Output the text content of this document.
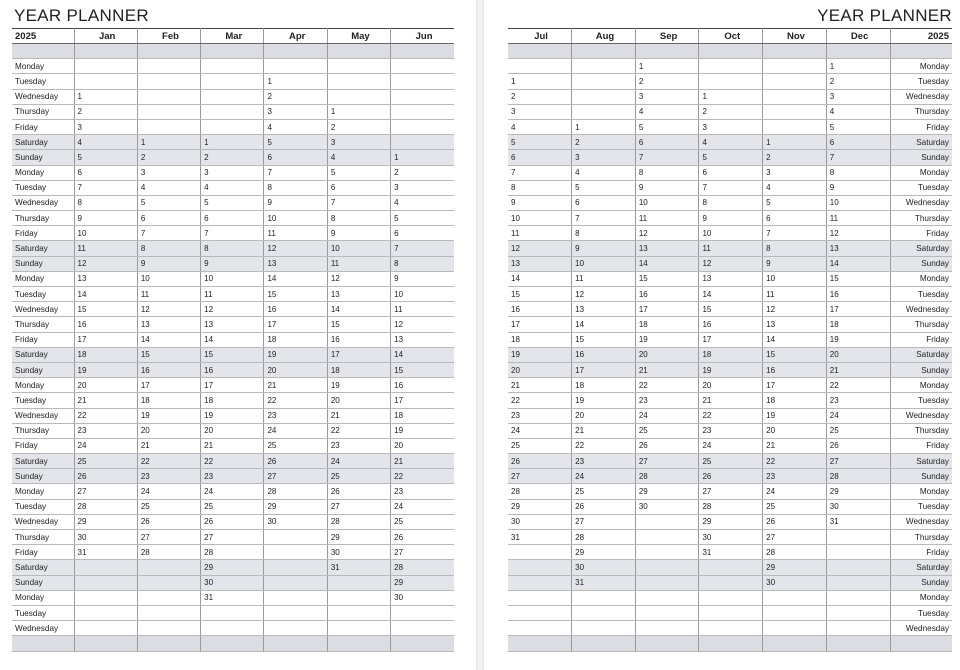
YEAR PLANNER
2025	Jan	Feb	Mar	Apr	May	Jun

Monday						
Tuesday				1		
Wednesday	1			2		
Thursday	2			3	1	
Friday	3			4	2	
Saturday	4	1	1	5	3	
Sunday	5	2	2	6	4	1
Monday	6	3	3	7	5	2
Tuesday	7	4	4	8	6	3
Wednesday	8	5	5	9	7	4
Thursday	9	6	6	10	8	5
Friday	10	7	7	11	9	6
Saturday	11	8	8	12	10	7
Sunday	12	9	9	13	11	8
Monday	13	10	10	14	12	9
Tuesday	14	11	11	15	13	10
Wednesday	15	12	12	16	14	11
Thursday	16	13	13	17	15	12
Friday	17	14	14	18	16	13
Saturday	18	15	15	19	17	14
Sunday	19	16	16	20	18	15
Monday	20	17	17	21	19	16
Tuesday	21	18	18	22	20	17
Wednesday	22	19	19	23	21	18
Thursday	23	20	20	24	22	19
Friday	24	21	21	25	23	20
Saturday	25	22	22	26	24	21
Sunday	26	23	23	27	25	22
Monday	27	24	24	28	26	23
Tuesday	28	25	25	29	27	24
Wednesday	29	26	26	30	28	25
Thursday	30	27	27		29	26
Friday	31	28	28		30	27
Saturday			29		31	28
Sunday			30			29
Monday			31			30
Tuesday						
Wednesday						

YEAR PLANNER
Jul	Aug	Sep	Oct	Nov	Dec	2025

		1			1	Monday
1		2			2	Tuesday
2		3	1		3	Wednesday
3		4	2		4	Thursday
4	1	5	3		5	Friday
5	2	6	4	1	6	Saturday
6	3	7	5	2	7	Sunday
7	4	8	6	3	8	Monday
8	5	9	7	4	9	Tuesday
9	6	10	8	5	10	Wednesday
10	7	11	9	6	11	Thursday
11	8	12	10	7	12	Friday
12	9	13	11	8	13	Saturday
13	10	14	12	9	14	Sunday
14	11	15	13	10	15	Monday
15	12	16	14	11	16	Tuesday
16	13	17	15	12	17	Wednesday
17	14	18	16	13	18	Thursday
18	15	19	17	14	19	Friday
19	16	20	18	15	20	Saturday
20	17	21	19	16	21	Sunday
21	18	22	20	17	22	Monday
22	19	23	21	18	23	Tuesday
23	20	24	22	19	24	Wednesday
24	21	25	23	20	25	Thursday
25	22	26	24	21	26	Friday
26	23	27	25	22	27	Saturday
27	24	28	26	23	28	Sunday
28	25	29	27	24	29	Monday
29	26	30	28	25	30	Tuesday
30	27		29	26	31	Wednesday
31	28		30	27		Thursday
	29		31	28		Friday
	30			29		Saturday
	31			30		Sunday
						Monday
						Tuesday
						Wednesday
